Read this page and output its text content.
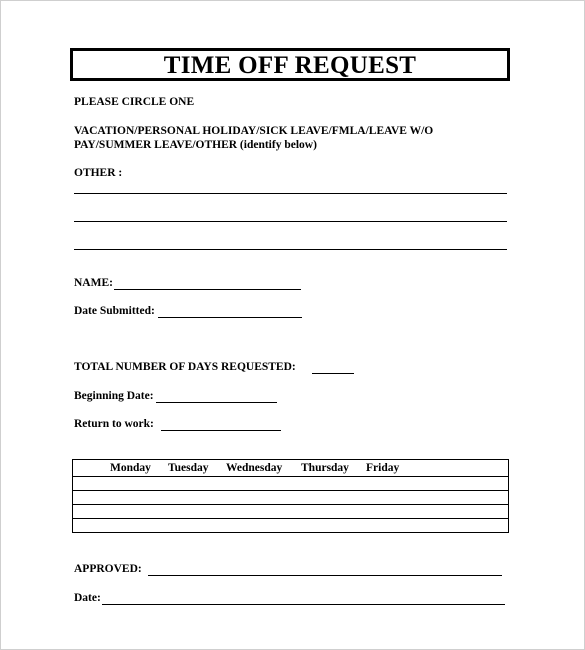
TIME OFF REQUEST
PLEASE CIRCLE ONE
VACATION/PERSONAL HOLIDAY/SICK LEAVE/FMLA/LEAVE W/O
PAY/SUMMER LEAVE/OTHER (identify below)
OTHER :
NAME:
Date Submitted:
TOTAL NUMBER OF DAYS REQUESTED:
Beginning Date:
Return to work:
Monday Tuesday Wednesday Thursday Friday
APPROVED:
Date:
